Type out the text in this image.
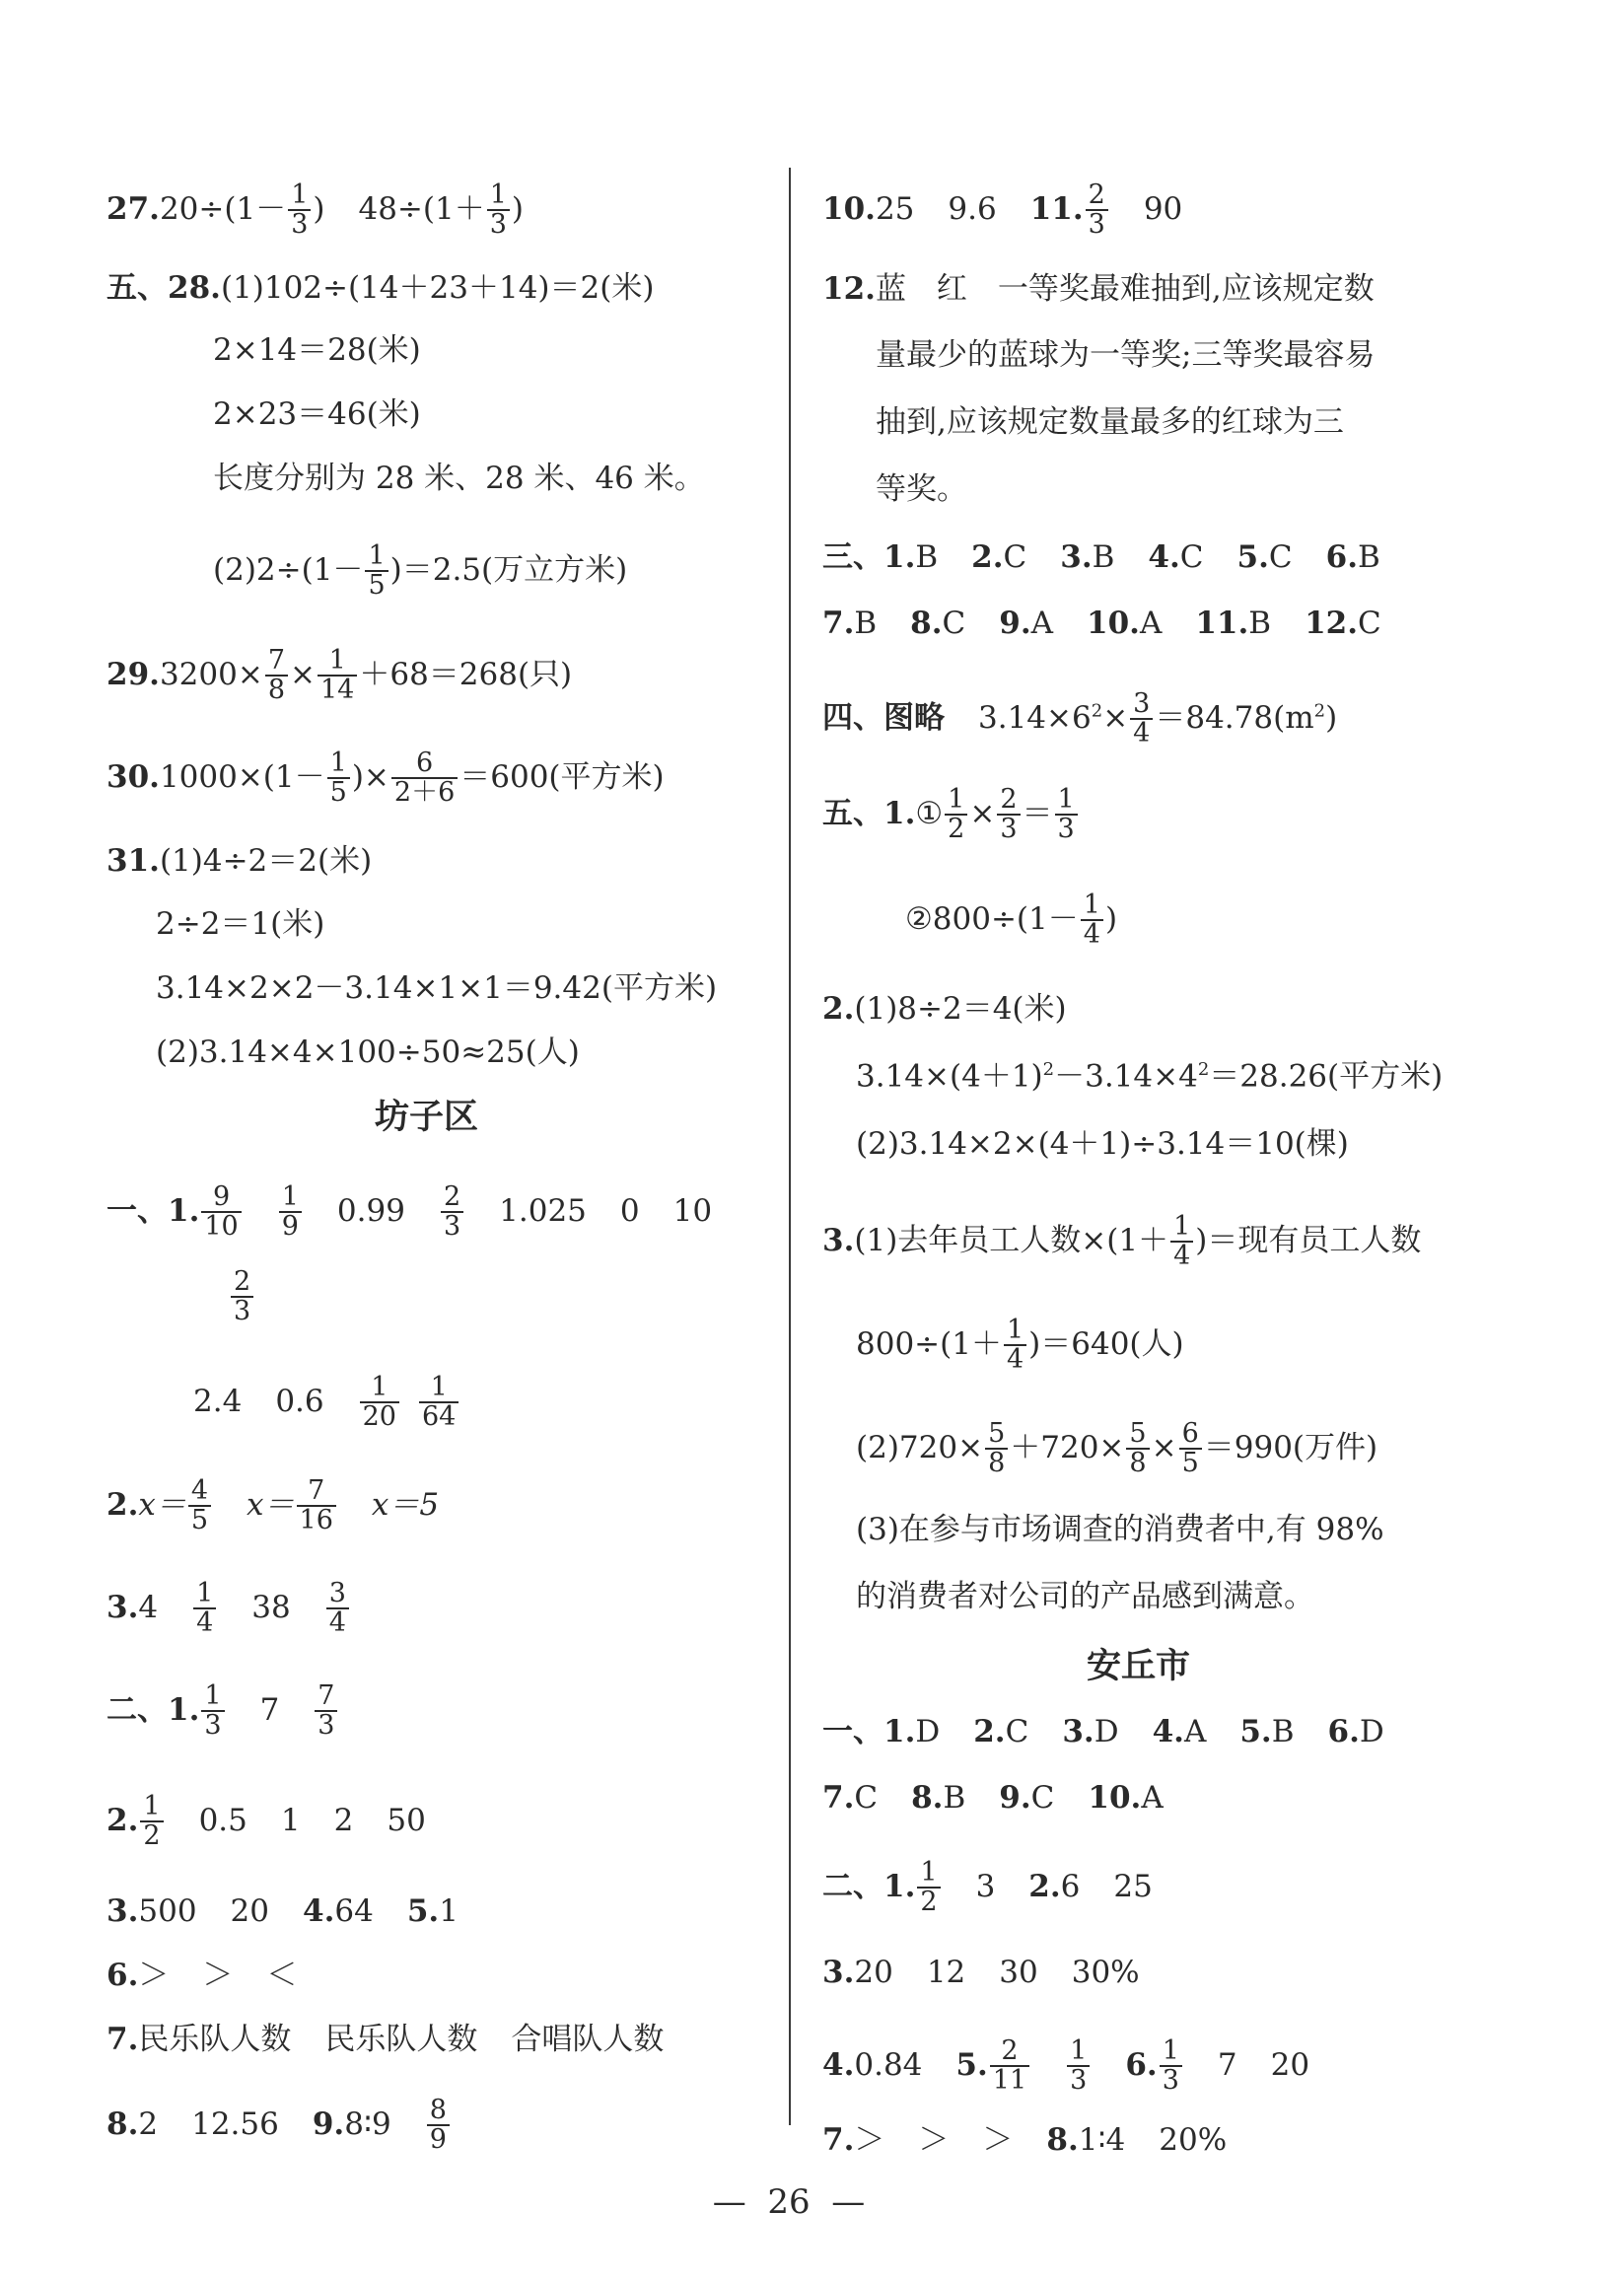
$27.20\div(1- \frac{1}{3}$ ) $48\div(1+ \frac{1}{3}$ )
五、28.(1)102÷(14＋23＋14)＝2(米)
2×14＝28(米)
2×23＝46(米)
长度分别为 28 米、28 米、46 米。
$(2)2\div(1- \frac{1}{5} )=2.5$(万立方米)
$29.3200\times \frac{7}{8} \times \frac{1}{14} +68=268$(只)
$30.1000\times(1- \frac{1}{5}$ )× $\frac{6}{2+6} =600$(平方米)
31.(1)4÷2＝2(米)
2÷2＝1(米)
3.14×2×2－3.14×1×1＝9.42(平方米)
(2)3.14×4×100÷50≈25(人)
坊子区
一、1. $\frac{9}{10} \frac{1}{9} 0.99 \frac{2}{3} 1.025$ 0 10
$\frac{2}{3}$
2.4 $0.6 \frac{1}{20} \frac{1}{64}$
$2.x= \frac{4}{5} x= \frac{7}{16} x=5$
$3.4 \frac{1}{4} 38 \frac{3}{4}$
二、1. $\frac{1}{3} 7 \frac{7}{3}$
2. $\frac{1}{2} 0.5$ 1 2 50
3.500 20 4.64 5.1
6.＞ ＞ ＜
7.民乐队人数 民乐队人数 合唱队人数
8.2 12.56 9.8∶9 $\frac{8}{9}$
10.25 9.6 11. $\frac{2}{3} 90$
12.蓝　红　一等奖最难抽到,应该规定数
量最少的蓝球为一等奖;三等奖最容易
抽到,应该规定数量最多的红球为三
等奖。
三、1.B 2.C 3.B 4.C 5.C 6.B
7.B 8.C 9.A 10.A 11.B 12.C
四、图略 $3.14\times 6^2\times \frac{3}{4} =84.78(m^2)$
五、1.① $\frac{1}{2} \times \frac{2}{3} = \frac{1}{3}$
②800÷(1－ $\frac{1}{4}$ )
2.(1)8÷2＝4(米)
$3.14\times(4+1)^2-3.14\times 4^2=28.26$(平方米)
(2)3.14×2×(4＋1)÷3.14＝10(棵)
3.(1)去年员工人数$\times(1+ \frac{1}{4}$ )＝现有员工人数
$800\div(1+ \frac{1}{4} )=640$(人)
$(2)720\times \frac{5}{8} +720\times \frac{5}{8} \times \frac{6}{5} =990$(万件)
(3)在参与市场调查的消费者中,有 98%
的消费者对公司的产品感到满意。
安丘市
一、1.D 2.C 3.D 4.A 5.B 6.D
7.C 8.B 9.C 10.A
二、1. $\frac{1}{2} 3$ 2.6 25
3.20 12 30 30%
4.0.84 5. $\frac{2}{11} \frac{1}{3} 6$. $\frac{1}{3} 7$ 20
7.＞ ＞ ＞ 8.1∶4 20%
—  26  —
